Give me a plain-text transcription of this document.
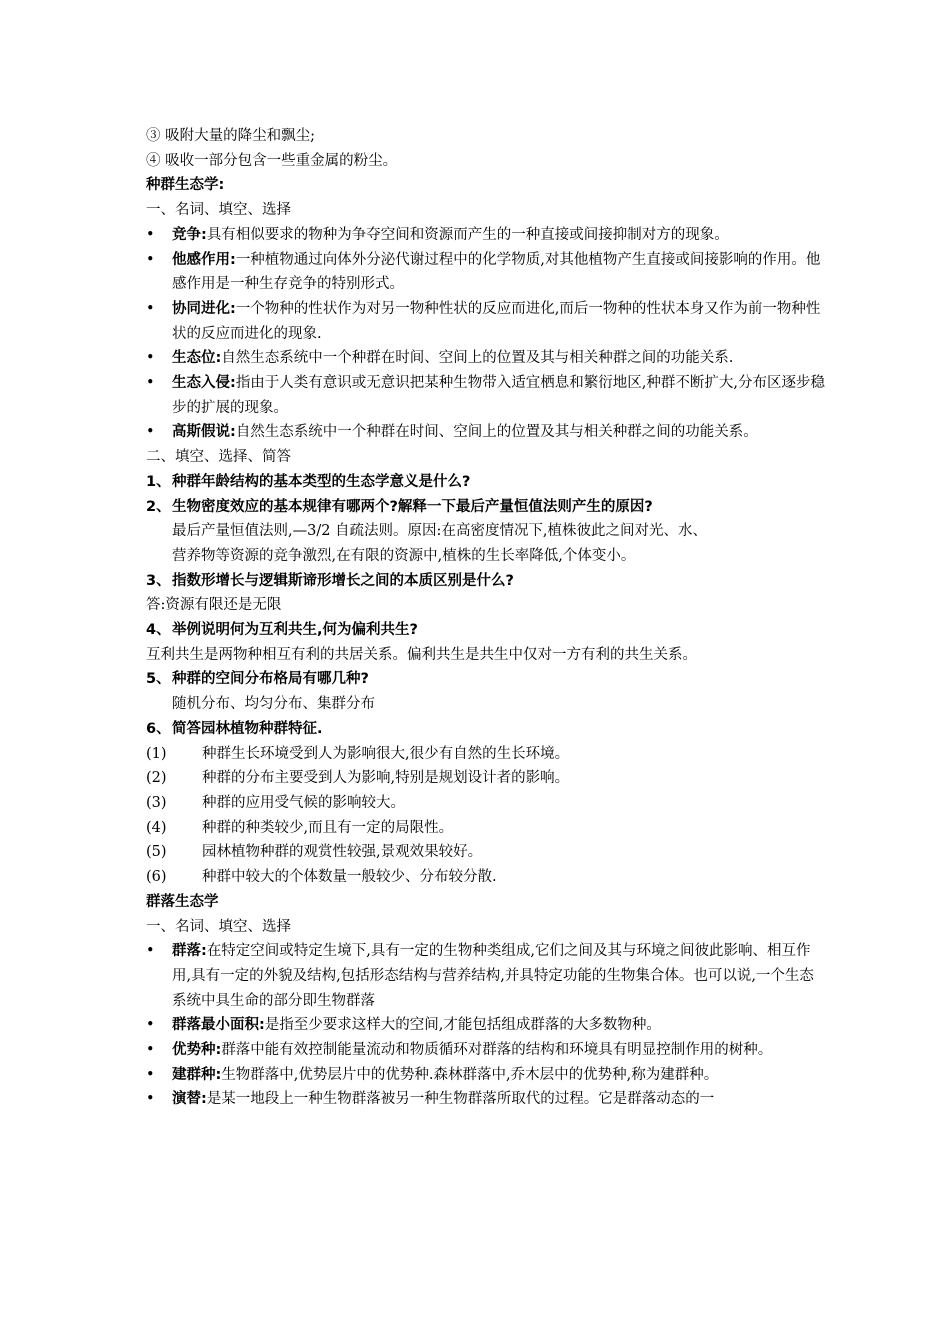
③ 吸附大量的降尘和飘尘;
④ 吸收一部分包含一些重金属的粉尘。
种群生态学:
一、名词、填空、选择
•	竞争:具有相似要求的物种为争夺空间和资源而产生的一种直接或间接抑制对方的现象。
•	他感作用:一种植物通过向体外分泌代谢过程中的化学物质,对其他植物产生直接或间接影响的作用。他感作用是一种生存竞争的特别形式。
•	协同进化:一个物种的性状作为对另一物种性状的反应而进化,而后一物种的性状本身又作为前一物种性状的反应而进化的现象.
•	生态位:自然生态系统中一个种群在时间、空间上的位置及其与相关种群之间的功能关系.
•	生态入侵:指由于人类有意识或无意识把某种生物带入适宜栖息和繁衍地区,种群不断扩大,分布区逐步稳步的扩展的现象。
•	高斯假说:自然生态系统中一个种群在时间、空间上的位置及其与相关种群之间的功能关系。
二、填空、选择、简答
1、 种群年龄结构的基本类型的生态学意义是什么?
2、 生物密度效应的基本规律有哪两个?解释一下最后产量恒值法则产生的原因?
最后产量恒值法则,—3/2 自疏法则。原因:在高密度情况下,植株彼此之间对光、水、
营养物等资源的竞争激烈,在有限的资源中,植株的生长率降低,个体变小。
3、 指数形增长与逻辑斯谛形增长之间的本质区别是什么?
答:资源有限还是无限
4、 举例说明何为互利共生,何为偏利共生?
互利共生是两物种相互有利的共居关系。偏利共生是共生中仅对一方有利的共生关系。
5、 种群的空间分布格局有哪几种?
随机分布、均匀分布、集群分布
6、 简答园林植物种群特征.
(1) 种群生长环境受到人为影响很大,很少有自然的生长环境。
(2) 种群的分布主要受到人为影响,特别是规划设计者的影响。
(3) 种群的应用受气候的影响较大。
(4) 种群的种类较少,而且有一定的局限性。
(5) 园林植物种群的观赏性较强,景观效果较好。
(6) 种群中较大的个体数量一般较少、分布较分散.
群落生态学
一、名词、填空、选择
•	群落:在特定空间或特定生境下,具有一定的生物种类组成,它们之间及其与环境之间彼此影响、相互作用,具有一定的外貌及结构,包括形态结构与营养结构,并具特定功能的生物集合体。也可以说,一个生态系统中具生命的部分即生物群落
•	群落最小面积:是指至少要求这样大的空间,才能包括组成群落的大多数物种。
•	优势种:群落中能有效控制能量流动和物质循环对群落的结构和环境具有明显控制作用的树种。
•	建群种:生物群落中,优势层片中的优势种.森林群落中,乔木层中的优势种,称为建群种。
•	演替:是某一地段上一种生物群落被另一种生物群落所取代的过程。它是群落动态的一
